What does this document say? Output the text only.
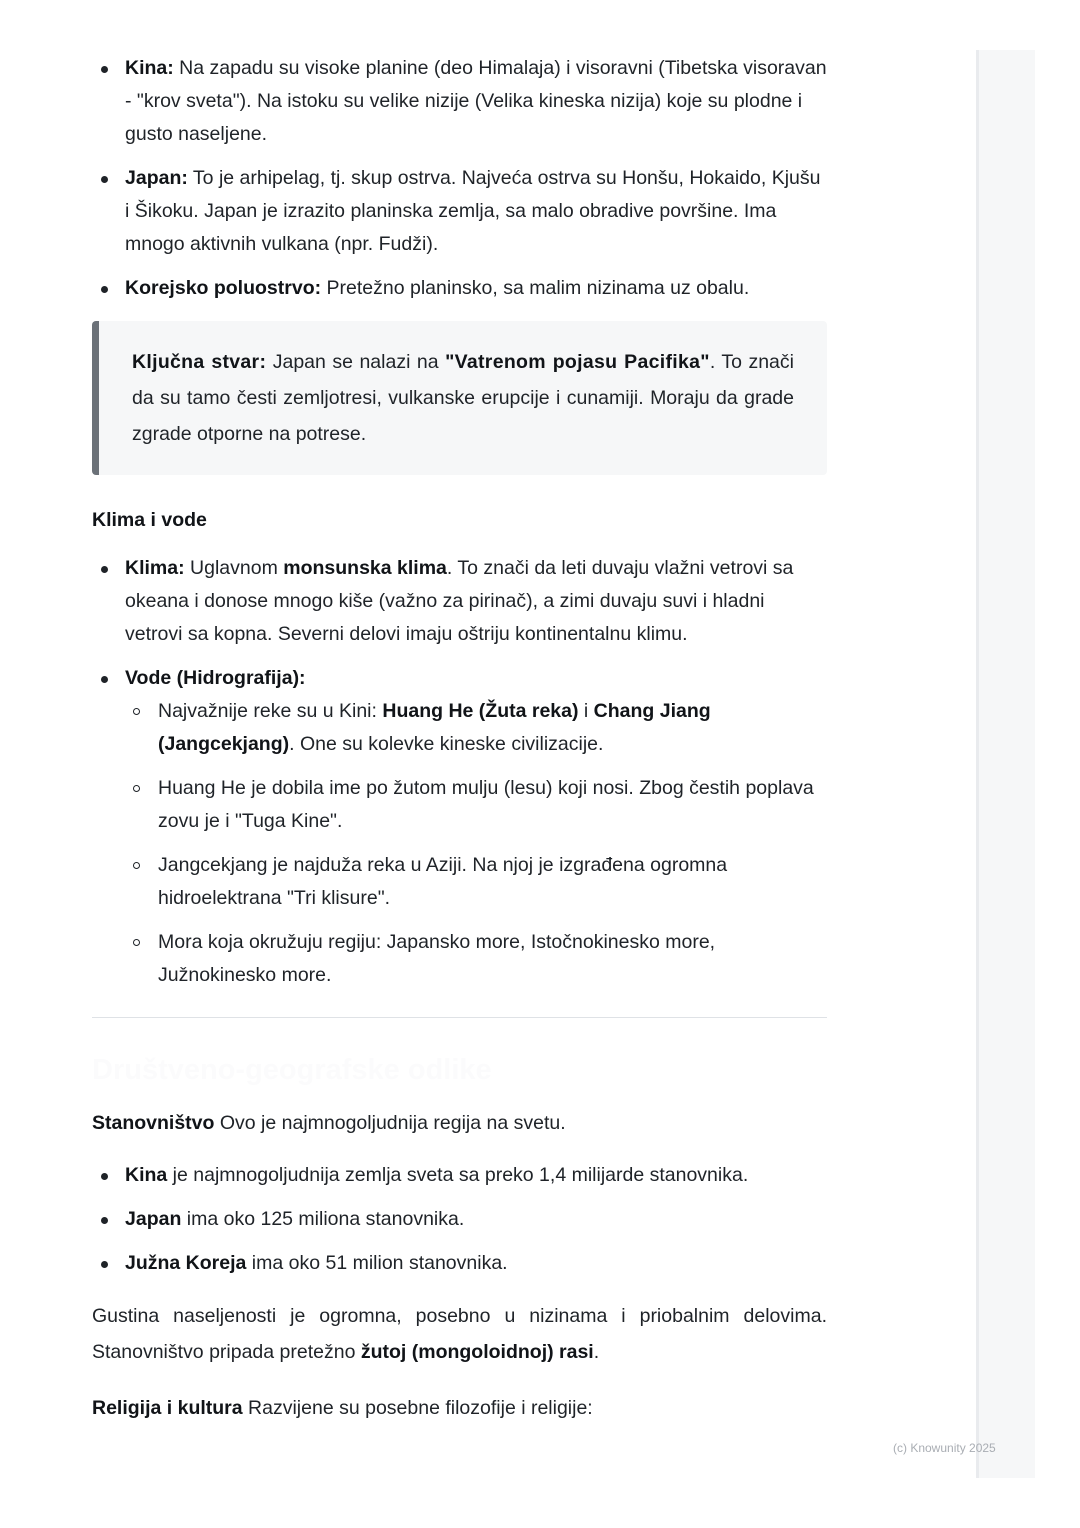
Kina: Na zapadu su visoke planine (deo Himalaja) i visoravni (Tibetska visoravan - "krov sveta"). Na istoku su velike nizije (Velika kineska nizija) koje su plodne i gusto naseljene.
Japan: To je arhipelag, tj. skup ostrva. Najveća ostrva su Honšu, Hokaido, Kjušu i Šikoku. Japan je izrazito planinska zemlja, sa malo obradive površine. Ima mnogo aktivnih vulkana (npr. Fudži).
Korejsko poluostrvo: Pretežno planinsko, sa malim nizinama uz obalu.
Ključna stvar: Japan se nalazi na "Vatrenom pojasu Pacifika". To znači da su tamo česti zemljotresi, vulkanske erupcije i cunamiji. Moraju da grade zgrade otporne na potrese.
Klima i vode
Klima: Uglavnom monsunska klima. To znači da leti duvaju vlažni vetrovi sa okeana i donose mnogo kiše (važno za pirinač), a zimi duvaju suvi i hladni vetrovi sa kopna. Severni delovi imaju oštriju kontinentalnu klimu.
Vode (Hidrografija):
Najvažnije reke su u Kini: Huang He (Žuta reka) i Chang Jiang (Jangcekjang). One su kolevke kineske civilizacije.
Huang He je dobila ime po žutom mulju (lesu) koji nosi. Zbog čestih poplava zovu je i "Tuga Kine".
Jangcekjang je najduža reka u Aziji. Na njoj je izgrađena ogromna hidroelektrana "Tri klisure".
Mora koja okružuju regiju: Japansko more, Istočnokinesko more, Južnokinesko more.
Društveno-geografske odlike

Stanovništvo Ovo je najmnogoljudnija regija na svetu.

Kina je najmnogoljudnija zemlja sveta sa preko 1,4 milijarde stanovnika.
Japan ima oko 125 miliona stanovnika.
Južna Koreja ima oko 51 milion stanovnika.

Gustina naseljenosti je ogromna, posebno u nizinama i priobalnim delovima. Stanovništvo pripada pretežno žutoj (mongoloidnoj) rasi.

Religija i kultura Razvijene su posebne filozofije i religije:

(c) Knowunity 2025
